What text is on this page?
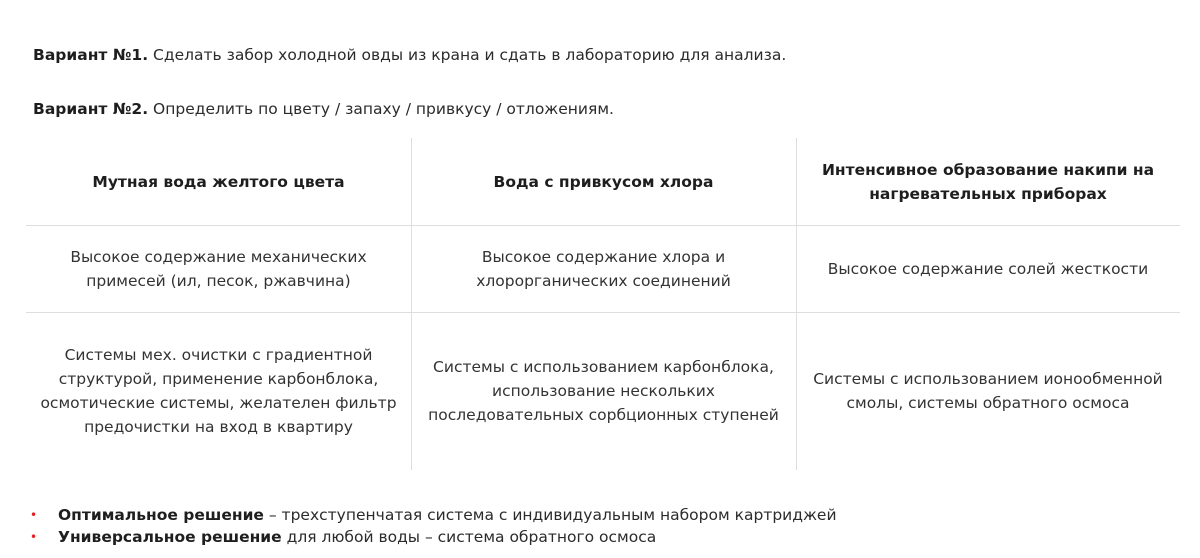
Вариант №1. Сделать забор холодной овды из крана и сдать в лабораторию для анализа.
Вариант №2. Определить по цвету / запаху / привкусу / отложениям.
Мутная вода желтого цвета	Вода с привкусом хлора
Интенсивное образование накипи на нагревательных приборах
Высокое содержание механических примесей (ил, песок, ржавчина)
Высокое содержание хлора и хлорорганических соединений
Высокое содержание солей жесткости
Системы мех. очистки с градиентной структурой, применение карбонблока, осмотические системы, желателен фильтр предочистки на вход в квартиру
Системы с использованием карбонблока, использование нескольких последовательных сорбционных ступеней
Системы с использованием ионообменной смолы, системы обратного осмоса
• Оптимальное решение – трехступенчатая система с индивидуальным набором картриджей
• Универсальное решение для любой воды – система обратного осмоса
